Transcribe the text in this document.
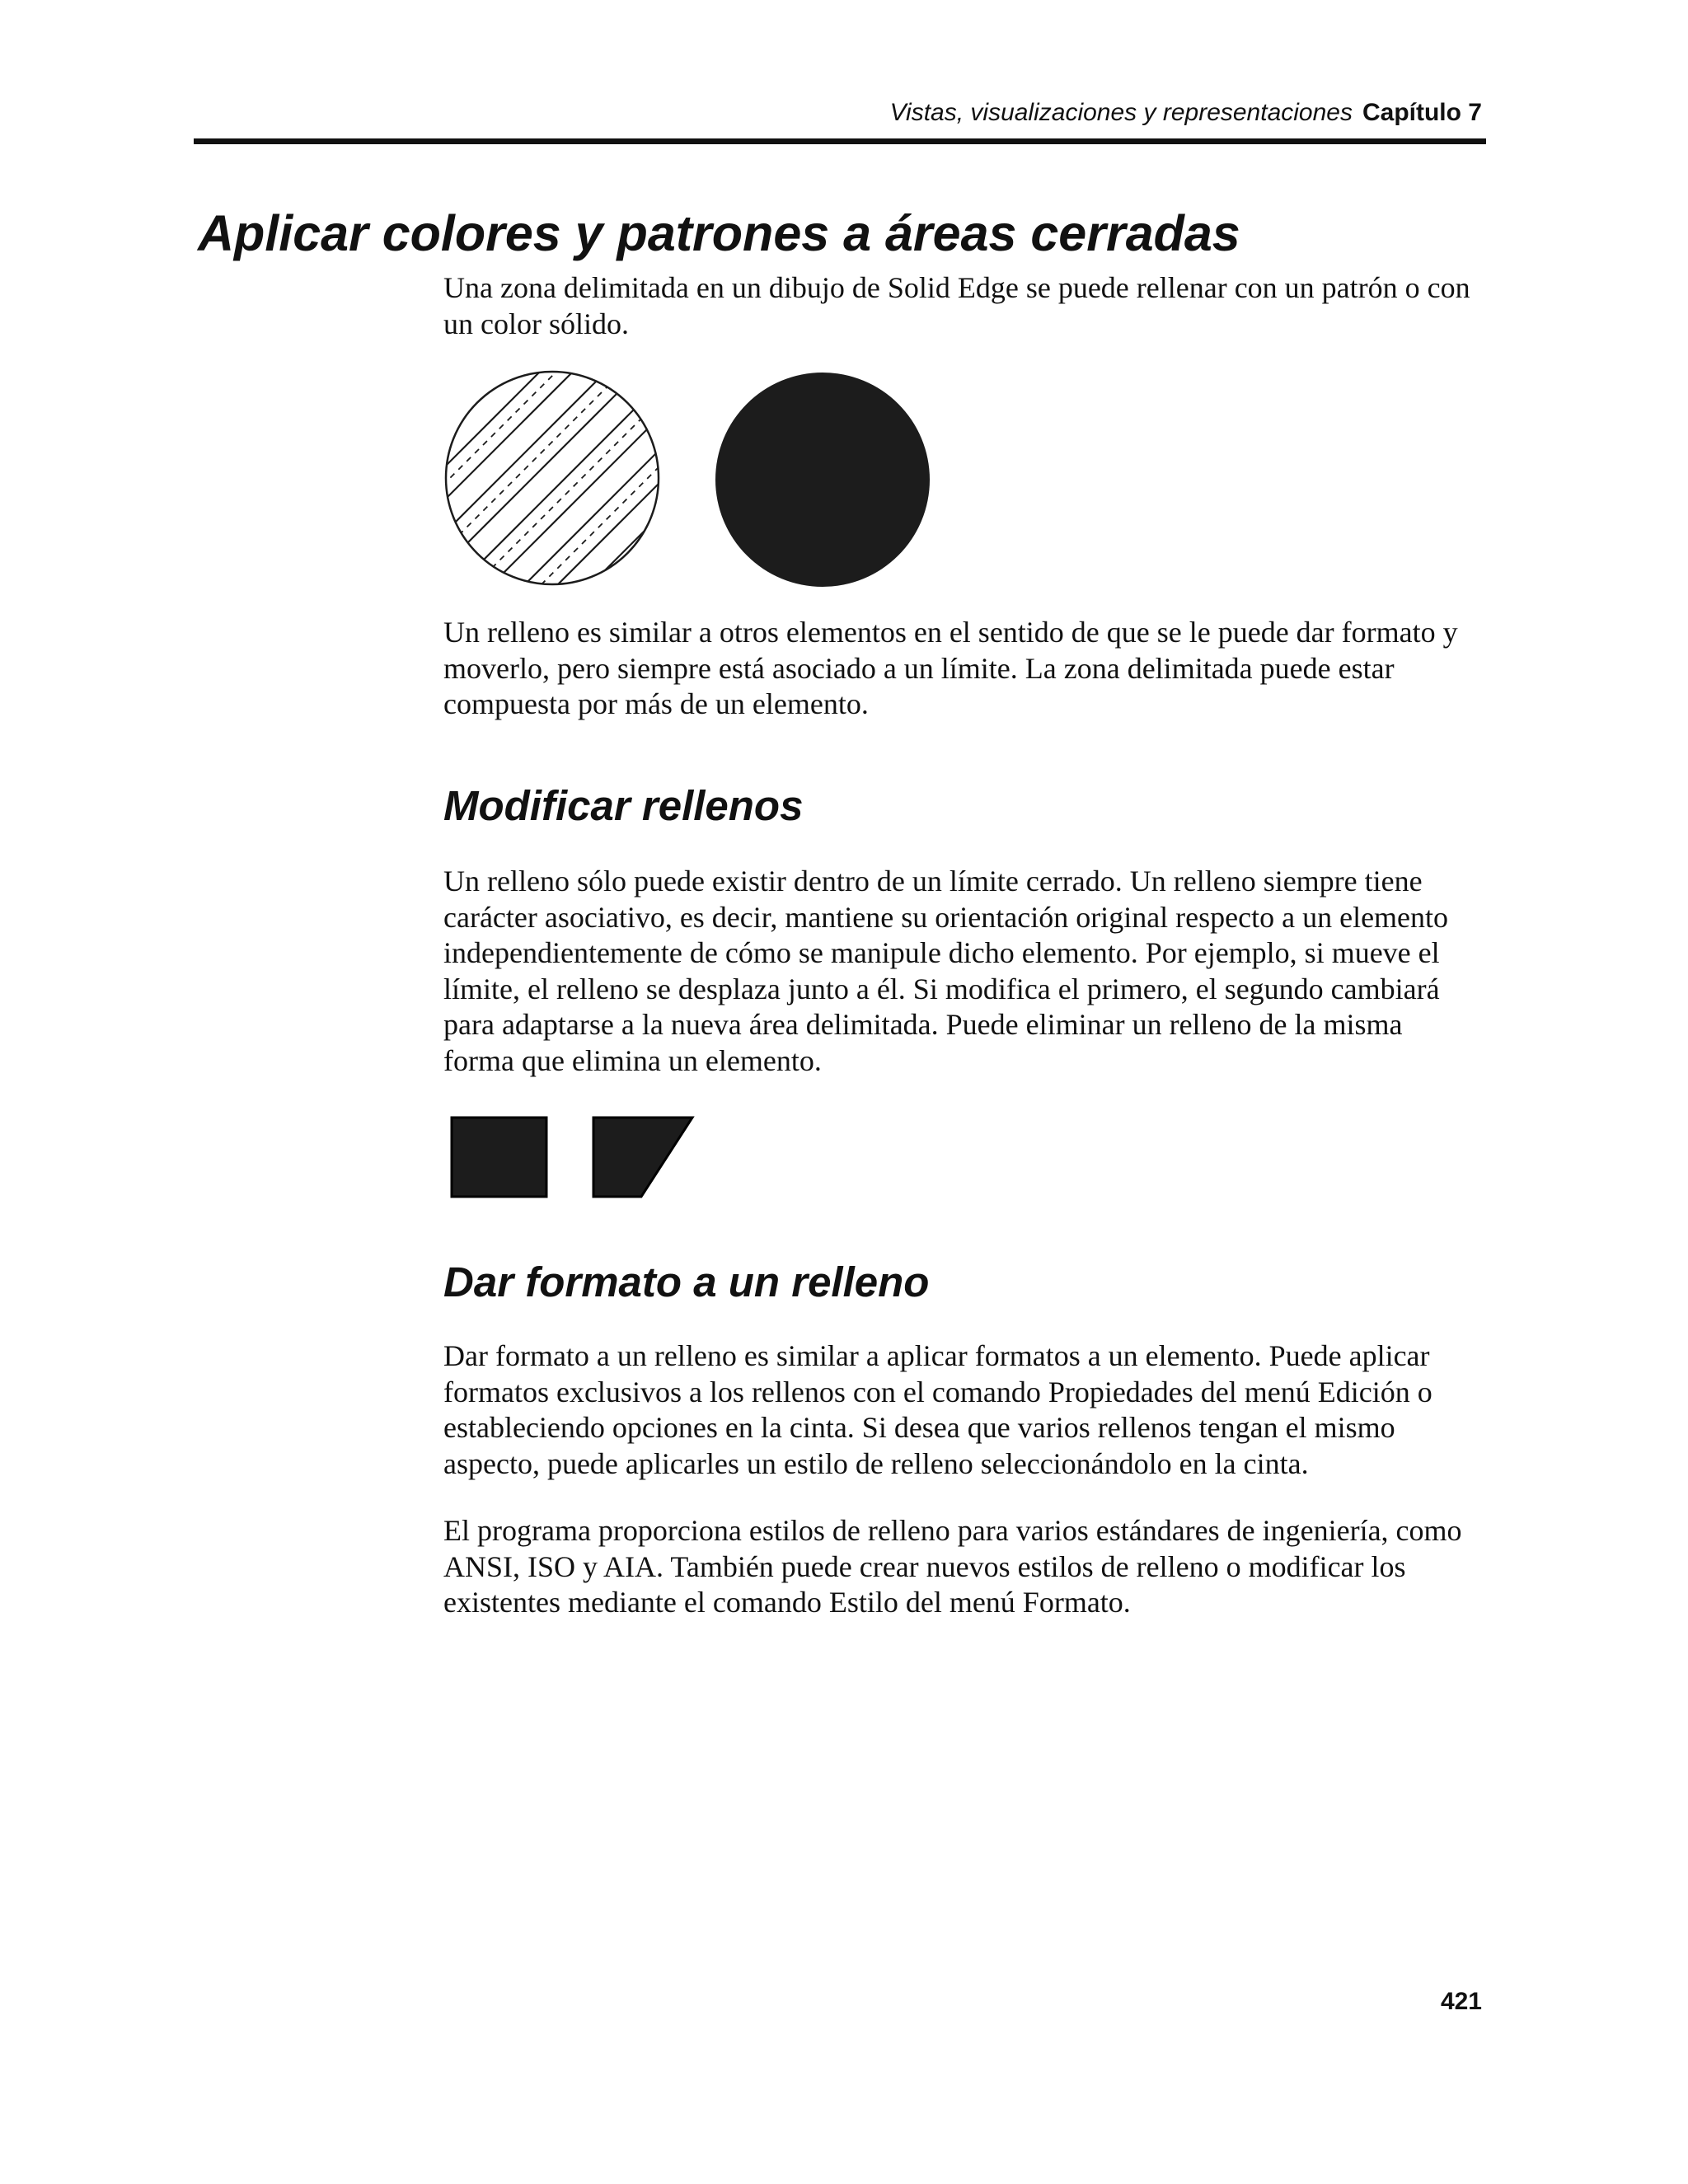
Vistas, visualizaciones y representaciones Capítulo 7
Aplicar colores y patrones a áreas cerradas

Una zona delimitada en un dibujo de Solid Edge se puede rellenar con un patrón o con un color sólido.

Un relleno es similar a otros elementos en el sentido de que se le puede dar formato y moverlo, pero siempre está asociado a un límite. La zona delimitada puede estar compuesta por más de un elemento.

Modificar rellenos

Un relleno sólo puede existir dentro de un límite cerrado. Un relleno siempre tiene carácter asociativo, es decir, mantiene su orientación original respecto a un elemento independientemente de cómo se manipule dicho elemento. Por ejemplo, si mueve el límite, el relleno se desplaza junto a él. Si modifica el primero, el segundo cambiará para adaptarse a la nueva área delimitada. Puede eliminar un relleno de la misma forma que elimina un elemento.

Dar formato a un relleno

Dar formato a un relleno es similar a aplicar formatos a un elemento. Puede aplicar formatos exclusivos a los rellenos con el comando Propiedades del menú Edición o estableciendo opciones en la cinta. Si desea que varios rellenos tengan el mismo aspecto, puede aplicarles un estilo de relleno seleccionándolo en la cinta.

El programa proporciona estilos de relleno para varios estándares de ingeniería, como ANSI, ISO y AIA. También puede crear nuevos estilos de relleno o modificar los existentes mediante el comando Estilo del menú Formato.

421
